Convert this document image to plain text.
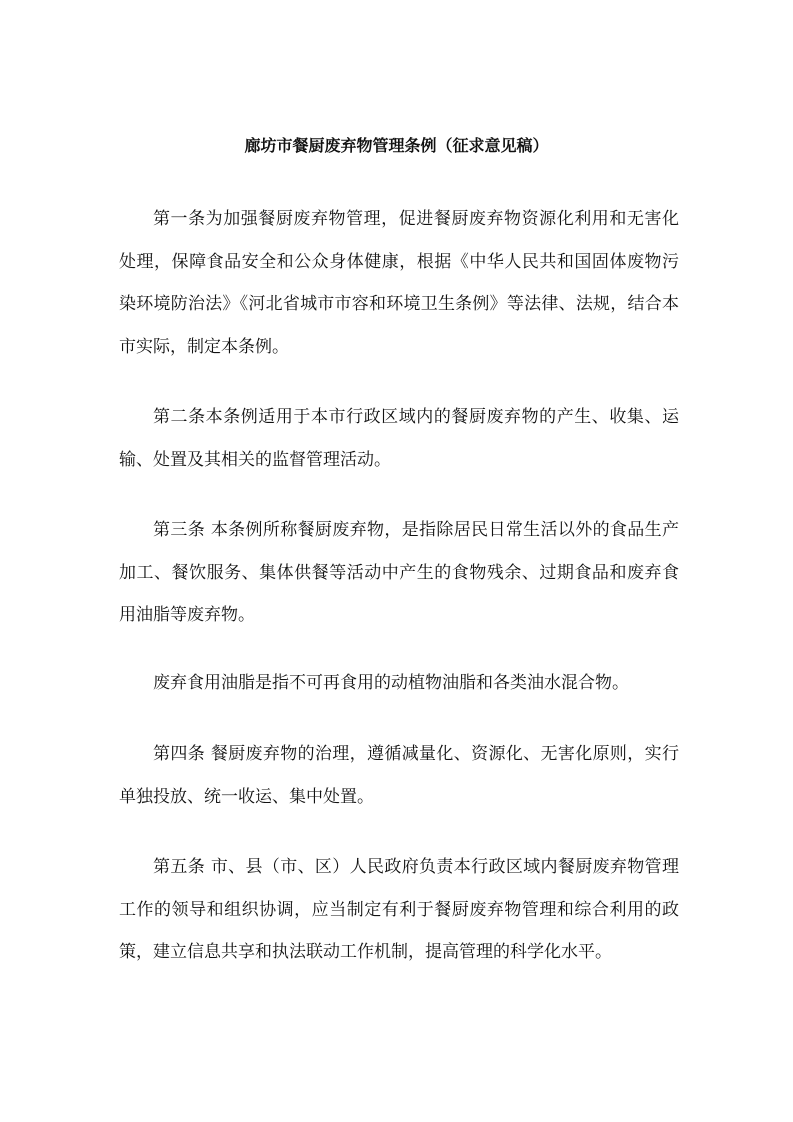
廊坊市餐厨废弃物管理条例（征求意见稿）

第一条为加强餐厨废弃物管理，促进餐厨废弃物资源化利用和无害化处理，保障食品安全和公众身体健康，根据《中华人民共和国固体废物污染环境防治法》《河北省城市市容和环境卫生条例》等法律、法规，结合本市实际，制定本条例。

第二条本条例适用于本市行政区域内的餐厨废弃物的产生、收集、运输、处置及其相关的监督管理活动。

第三条 本条例所称餐厨废弃物，是指除居民日常生活以外的食品生产加工、餐饮服务、集体供餐等活动中产生的食物残余、过期食品和废弃食用油脂等废弃物。

废弃食用油脂是指不可再食用的动植物油脂和各类油水混合物。

第四条 餐厨废弃物的治理，遵循减量化、资源化、无害化原则，实行单独投放、统一收运、集中处置。

第五条 市、县（市、区）人民政府负责本行政区域内餐厨废弃物管理工作的领导和组织协调，应当制定有利于餐厨废弃物管理和综合利用的政策，建立信息共享和执法联动工作机制，提高管理的科学化水平。
